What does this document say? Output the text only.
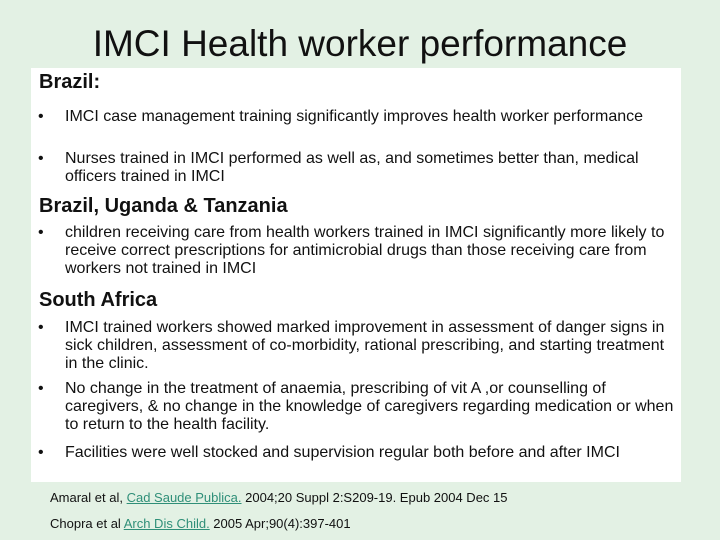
IMCI Health worker performance
Brazil:
• IMCI case management training significantly improves health worker performance
• Nurses trained in IMCI performed as well as, and sometimes better than, medical officers trained in IMCI
Brazil, Uganda & Tanzania
• children receiving care from health workers trained in IMCI significantly more likely to receive correct prescriptions for antimicrobial drugs than those receiving care from workers not trained in IMCI
South Africa
• IMCI trained workers showed marked improvement in assessment of danger signs in sick children, assessment of co-morbidity, rational prescribing, and starting treatment in the clinic.
• No change in the treatment of anaemia, prescribing of vit A ,or counselling of caregivers, & no change in the knowledge of caregivers regarding medication or when to return to the health facility.
• Facilities were well stocked and supervision regular both before and after IMCI
Amaral et al, Cad Saude Publica. 2004;20 Suppl 2:S209-19. Epub 2004 Dec 15
Chopra et al Arch Dis Child. 2005 Apr;90(4):397-401
